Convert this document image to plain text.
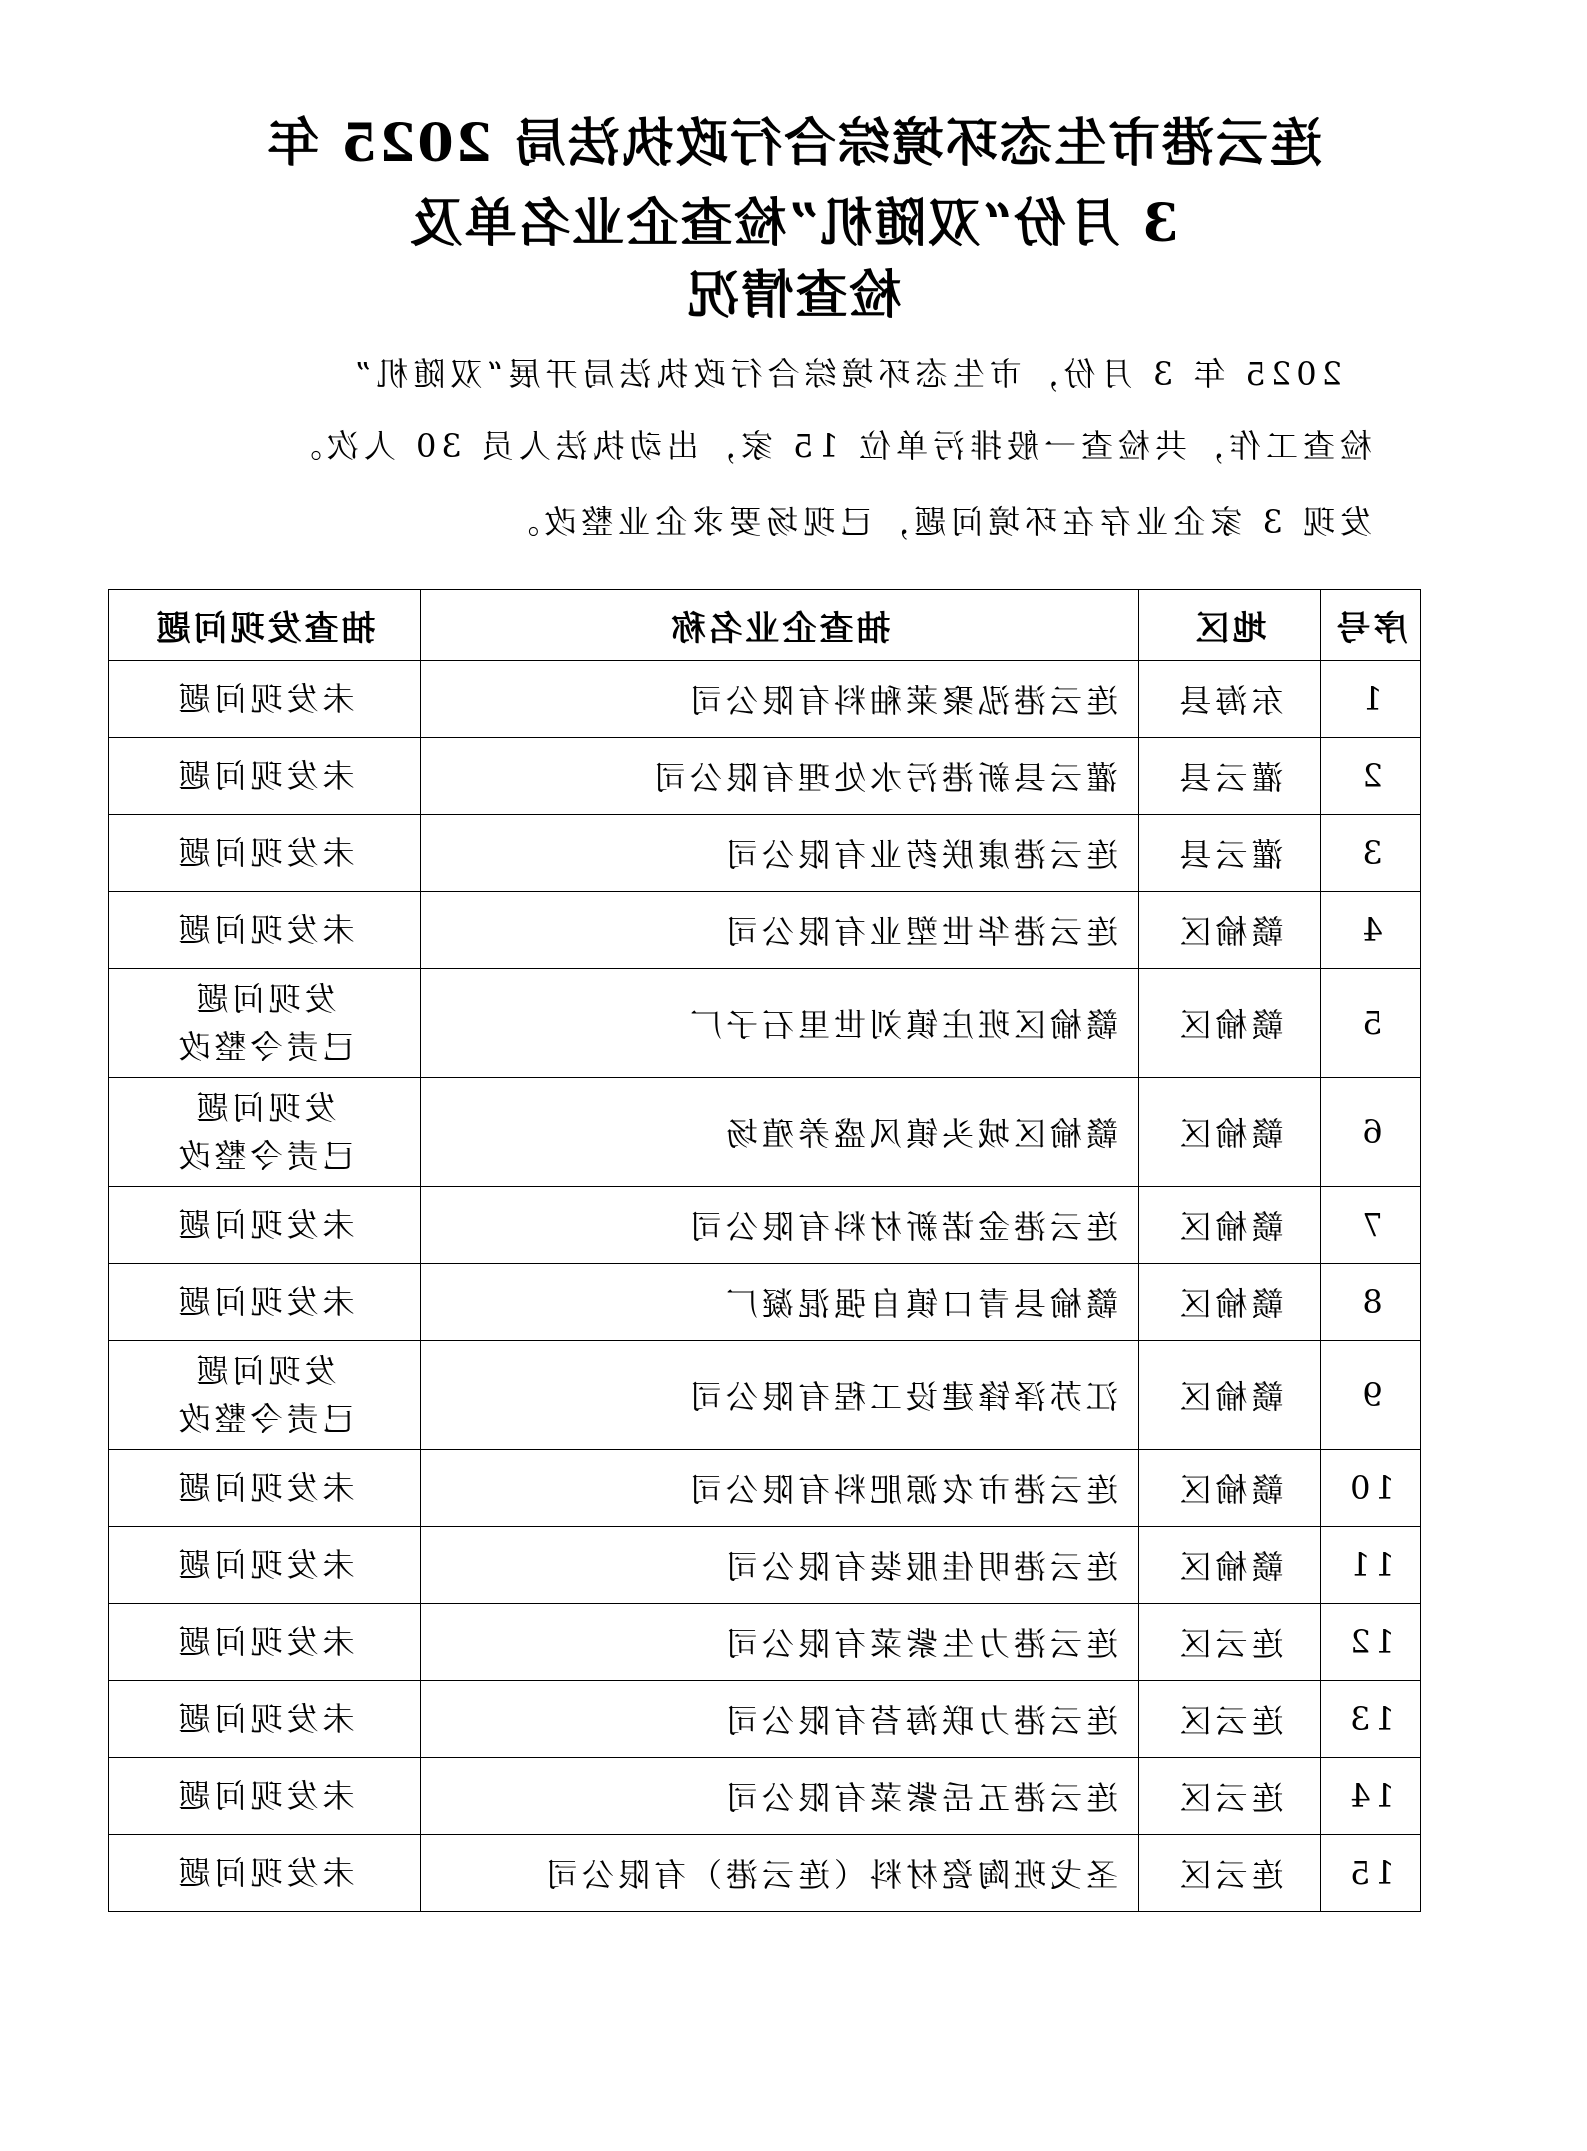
连云港市生态环境综合行政执法局 2025 年
3 月份“双随机”检查企业名单及
检查情况
2025 年 3 月份，市生态环境综合行政执法局开展“双随机”
检查工作，共检查一般排污单位 15 家，出动执法人员 30 人次。
发现 3 家企业存在环境问题，已现场要求企业整改。
序号	地区	抽查企业名称	抽查发现问题
1	东海县	连云港泓聚莱釉料有限公司	未发现问题

2	灌云县	灌云县新港污水处理有限公司	未发现问题

3	灌云县	连云港康朕药业有限公司	未发现问题

4	赣榆区	连云港华世塑业有限公司	未发现问题

5	赣榆区	赣榆区班庄镇刘世里石子厂	发现问题
已责令整改

6	赣榆区	赣榆区城头镇风盛养殖场	发现问题
已责令整改

7	赣榆区	连云港金诺新材料有限公司	未发现问题

8	赣榆区	赣榆县青口镇自强混凝厂	未发现问题

9	赣榆区	江苏泽锋建设工程有限公司	发现问题
已责令整改

10	赣榆区	连云港市农源肥料有限公司	未发现问题

11	赣榆区	连云港明佳服装有限公司	未发现问题

12	连云区	连云港力生紫菜有限公司	未发现问题

13	连云区	连云港力联海苔有限公司	未发现问题

14	连云区	连云港五岳紫菜有限公司	未发现问题

15	连云区	圣戈班陶瓷材料（连云港）有限公司	未发现问题
